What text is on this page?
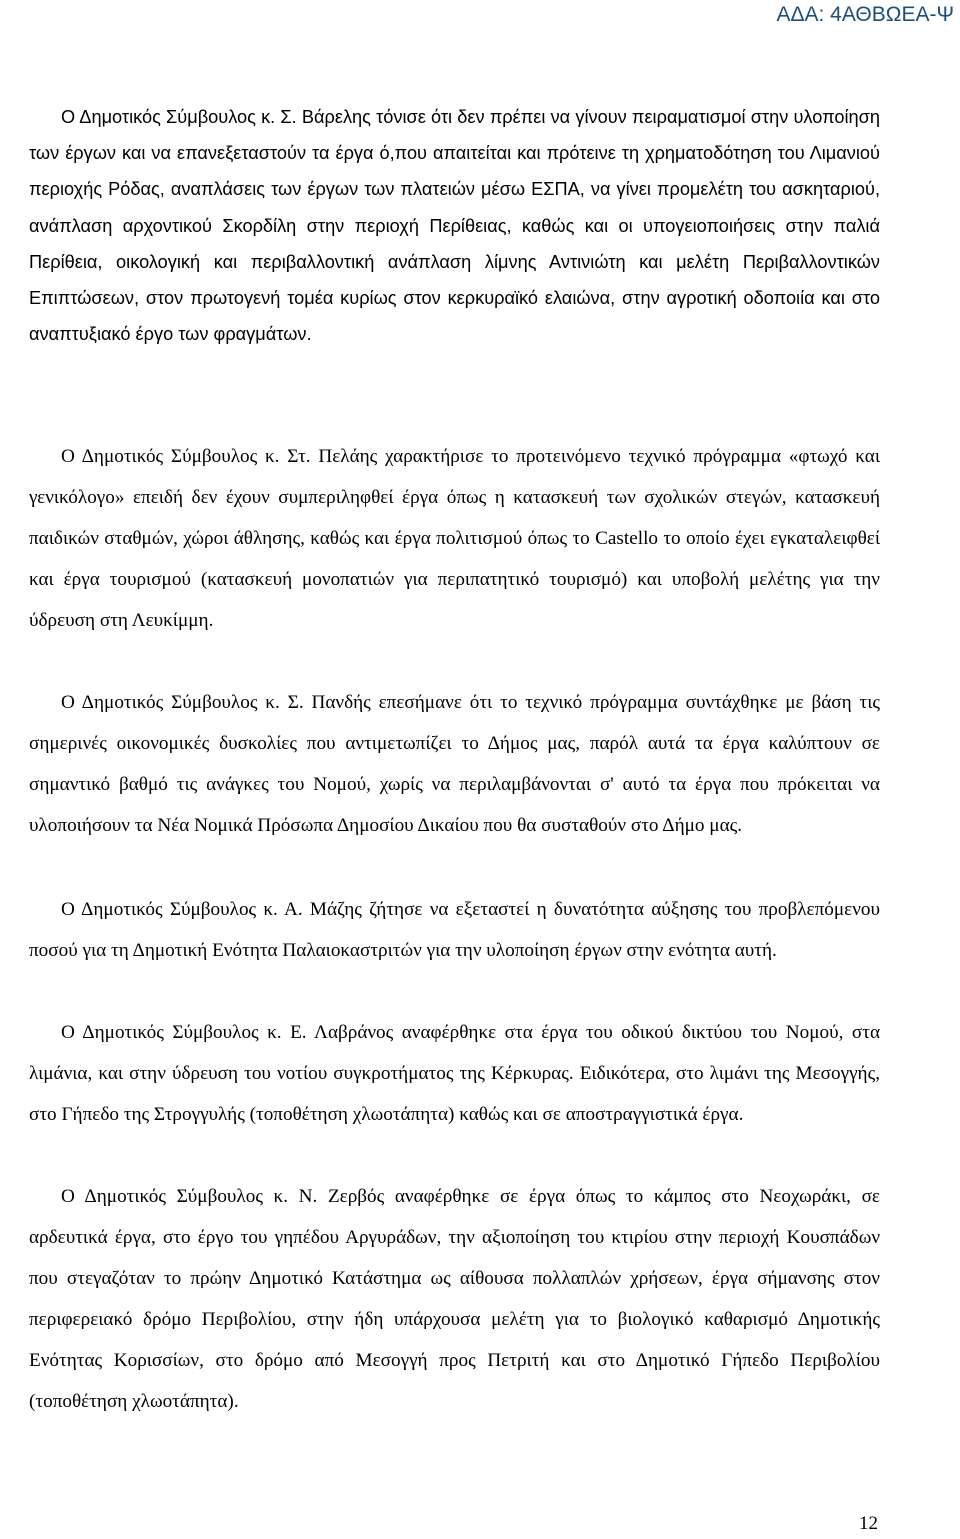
ΑΔΑ: 4ΑΘΒΩΕΑ-Ψ
Ο Δημοτικός Σύμβουλος κ. Σ. Βάρελης τόνισε ότι δεν πρέπει να γίνουν πειραματισμοί στην υλοποίηση των έργων και να επανεξεταστούν τα έργα ό,που απαιτείται και πρότεινε τη χρηματοδότηση του Λιμανιού περιοχής Ρόδας, αναπλάσεις των έργων των πλατειών μέσω ΕΣΠΑ, να γίνει προμελέτη του ασκηταριού, ανάπλαση αρχοντικού Σκορδίλη στην περιοχή Περίθειας, καθώς και οι υπογειοποιήσεις στην παλιά Περίθεια, οικολογική και περιβαλλοντική ανάπλαση λίμνης Αντινιώτη και μελέτη Περιβαλλοντικών Επιπτώσεων, στον πρωτογενή τομέα κυρίως στον κερκυραϊκό ελαιώνα, στην αγροτική οδοποιία και στο αναπτυξιακό έργο των φραγμάτων.
Ο Δημοτικός Σύμβουλος κ. Στ. Πελάης χαρακτήρισε το προτεινόμενο τεχνικό πρόγραμμα «φτωχό και γενικόλογο» επειδή δεν έχουν συμπεριληφθεί έργα όπως η κατασκευή των σχολικών στεγών, κατασκευή παιδικών σταθμών, χώροι άθλησης, καθώς και έργα πολιτισμού όπως το Castello το οποίο έχει εγκαταλειφθεί και έργα τουρισμού (κατασκευή μονοπατιών για περιπατητικό τουρισμό) και υποβολή μελέτης για την ύδρευση στη Λευκίμμη.
Ο Δημοτικός Σύμβουλος κ. Σ. Πανδής επεσήμανε ότι το τεχνικό πρόγραμμα συντάχθηκε με βάση τις σημερινές οικονομικές δυσκολίες που αντιμετωπίζει το Δήμος μας, παρόλ αυτά τα έργα καλύπτουν σε σημαντικό βαθμό τις ανάγκες του Νομού, χωρίς να περιλαμβάνονται σ' αυτό τα έργα που πρόκειται να υλοποιήσουν τα Νέα Νομικά Πρόσωπα Δημοσίου Δικαίου που θα συσταθούν στο Δήμο μας.
Ο Δημοτικός Σύμβουλος κ. Α. Μάζης ζήτησε να εξεταστεί η δυνατότητα αύξησης του προβλεπόμενου ποσού για τη Δημοτική Ενότητα Παλαιοκαστριτών για την υλοποίηση έργων στην ενότητα αυτή.
Ο Δημοτικός Σύμβουλος κ. Ε. Λαβράνος αναφέρθηκε στα έργα του οδικού δικτύου του Νομού, στα λιμάνια, και στην ύδρευση του νοτίου συγκροτήματος της Κέρκυρας. Ειδικότερα, στο λιμάνι της Μεσογγής, στο Γήπεδο της Στρογγυλής (τοποθέτηση χλωοτάπητα) καθώς και σε αποστραγγιστικά έργα.
Ο Δημοτικός Σύμβουλος κ. Ν. Ζερβός αναφέρθηκε σε έργα όπως το κάμπος στο Νεοχωράκι, σε αρδευτικά έργα, στο έργο του γηπέδου Αργυράδων, την αξιοποίηση του κτιρίου στην περιοχή Κουσπάδων που στεγαζόταν το πρώην Δημοτικό Κατάστημα ως αίθουσα πολλαπλών χρήσεων, έργα σήμανσης στον περιφερειακό δρόμο Περιβολίου, στην ήδη υπάρχουσα μελέτη για το βιολογικό καθαρισμό Δημοτικής Ενότητας Κορισσίων, στο δρόμο από Μεσογγή προς Πετριτή και στο Δημοτικό Γήπεδο Περιβολίου (τοποθέτηση χλωοτάπητα).
12
